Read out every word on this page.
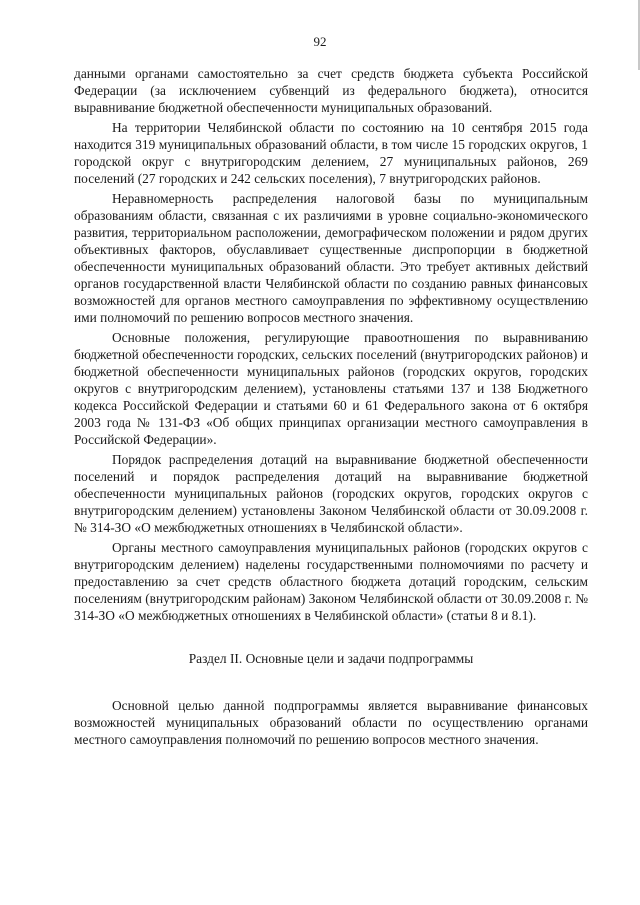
92

данными органами самостоятельно за счет средств бюджета субъекта Российской Федерации (за исключением субвенций из федерального бюджета), относится выравнивание бюджетной обеспеченности муниципальных образований.

На территории Челябинской области по состоянию на 10 сентября 2015 года находится 319 муниципальных образований области, в том числе 15 городских округов, 1 городской округ с внутригородским делением, 27 муниципальных районов, 269 поселений (27 городских и 242 сельских поселения), 7 внутригородских районов.

Неравномерность распределения налоговой базы по муниципальным образованиям области, связанная с их различиями в уровне социально-экономического развития, территориальном расположении, демографическом положении и рядом других объективных факторов, обуславливает существенные диспропорции в бюджетной обеспеченности муниципальных образований области. Это требует активных действий органов государственной власти Челябинской области по созданию равных финансовых возможностей для органов местного самоуправления по эффективному осуществлению ими полномочий по решению вопросов местного значения.

Основные положения, регулирующие правоотношения по выравниванию бюджетной обеспеченности городских, сельских поселений (внутригородских районов) и бюджетной обеспеченности муниципальных районов (городских округов, городских округов с внутригородским делением), установлены статьями 137 и 138 Бюджетного кодекса Российской Федерации и статьями 60 и 61 Федерального закона от 6 октября 2003 года № 131-ФЗ «Об общих принципах организации местного самоуправления в Российской Федерации».

Порядок распределения дотаций на выравнивание бюджетной обеспеченности поселений и порядок распределения дотаций на выравнивание бюджетной обеспеченности муниципальных районов (городских округов, городских округов с внутригородским делением) установлены Законом Челябинской области от 30.09.2008 г. № 314-ЗО «О межбюджетных отношениях в Челябинской области».

Органы местного самоуправления муниципальных районов (городских округов с внутригородским делением) наделены государственными полномочиями по расчету и предоставлению за счет средств областного бюджета дотаций городским, сельским поселениям (внутригородским районам) Законом Челябинской области от 30.09.2008 г. № 314-ЗО «О межбюджетных отношениях в Челябинской области» (статьи 8 и 8.1).

Раздел II. Основные цели и задачи подпрограммы

Основной целью данной подпрограммы является выравнивание финансовых возможностей муниципальных образований области по осуществлению органами местного самоуправления полномочий по решению вопросов местного значения.
